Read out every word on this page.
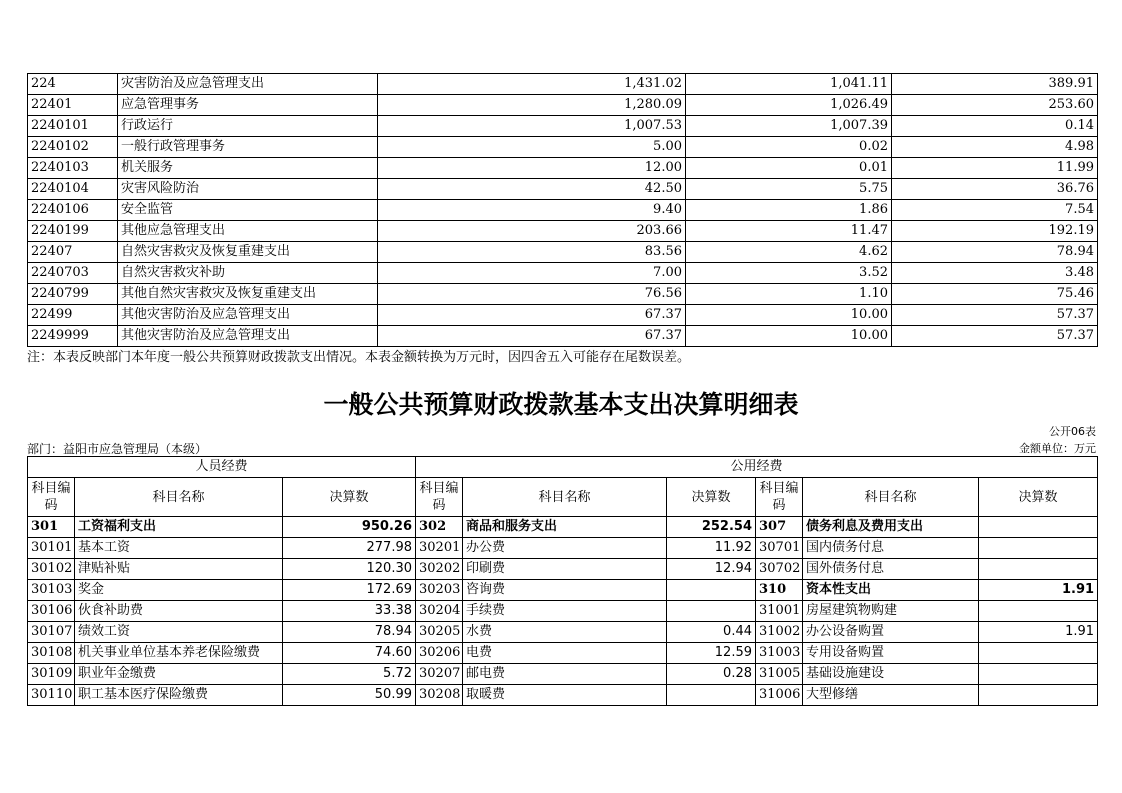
224	灾害防治及应急管理支出	1,431.02	1,041.11	389.91
22401	应急管理事务	1,280.09	1,026.49	253.60
2240101	行政运行	1,007.53	1,007.39	0.14
2240102	一般行政管理事务	5.00	0.02	4.98
2240103	机关服务	12.00	0.01	11.99
2240104	灾害风险防治	42.50	5.75	36.76
2240106	安全监管	9.40	1.86	7.54
2240199	其他应急管理支出	203.66	11.47	192.19
22407	自然灾害救灾及恢复重建支出	83.56	4.62	78.94
2240703	自然灾害救灾补助	7.00	3.52	3.48
2240799	其他自然灾害救灾及恢复重建支出	76.56	1.10	75.46
22499	其他灾害防治及应急管理支出	67.37	10.00	57.37
2249999	其他灾害防治及应急管理支出	67.37	10.00	57.37
注：本表反映部门本年度一般公共预算财政拨款支出情况。本表金额转换为万元时，因四舍五入可能存在尾数误差。
一般公共预算财政拨款基本支出决算明细表
公开06表
部门：益阳市应急管理局（本级）	金额单位：万元
人员经费			公用经费					
科目编码	科目名称	决算数	科目编码	科目名称	决算数	科目编码	科目名称	决算数
301	工资福利支出	950.26	302	商品和服务支出	252.54	307	债务利息及费用支出	
30101	基本工资	277.98	30201	办公费	11.92	30701	国内债务付息	
30102	津贴补贴	120.30	30202	印刷费	12.94	30702	国外债务付息	
30103	奖金	172.69	30203	咨询费		310	资本性支出	1.91
30106	伙食补助费	33.38	30204	手续费		31001	房屋建筑物购建	
30107	绩效工资	78.94	30205	水费	0.44	31002	办公设备购置	1.91
30108	机关事业单位基本养老保险缴费	74.60	30206	电费	12.59	31003	专用设备购置	
30109	职业年金缴费	5.72	30207	邮电费	0.28	31005	基础设施建设	
30110	职工基本医疗保险缴费	50.99	30208	取暖费		31006	大型修缮	
